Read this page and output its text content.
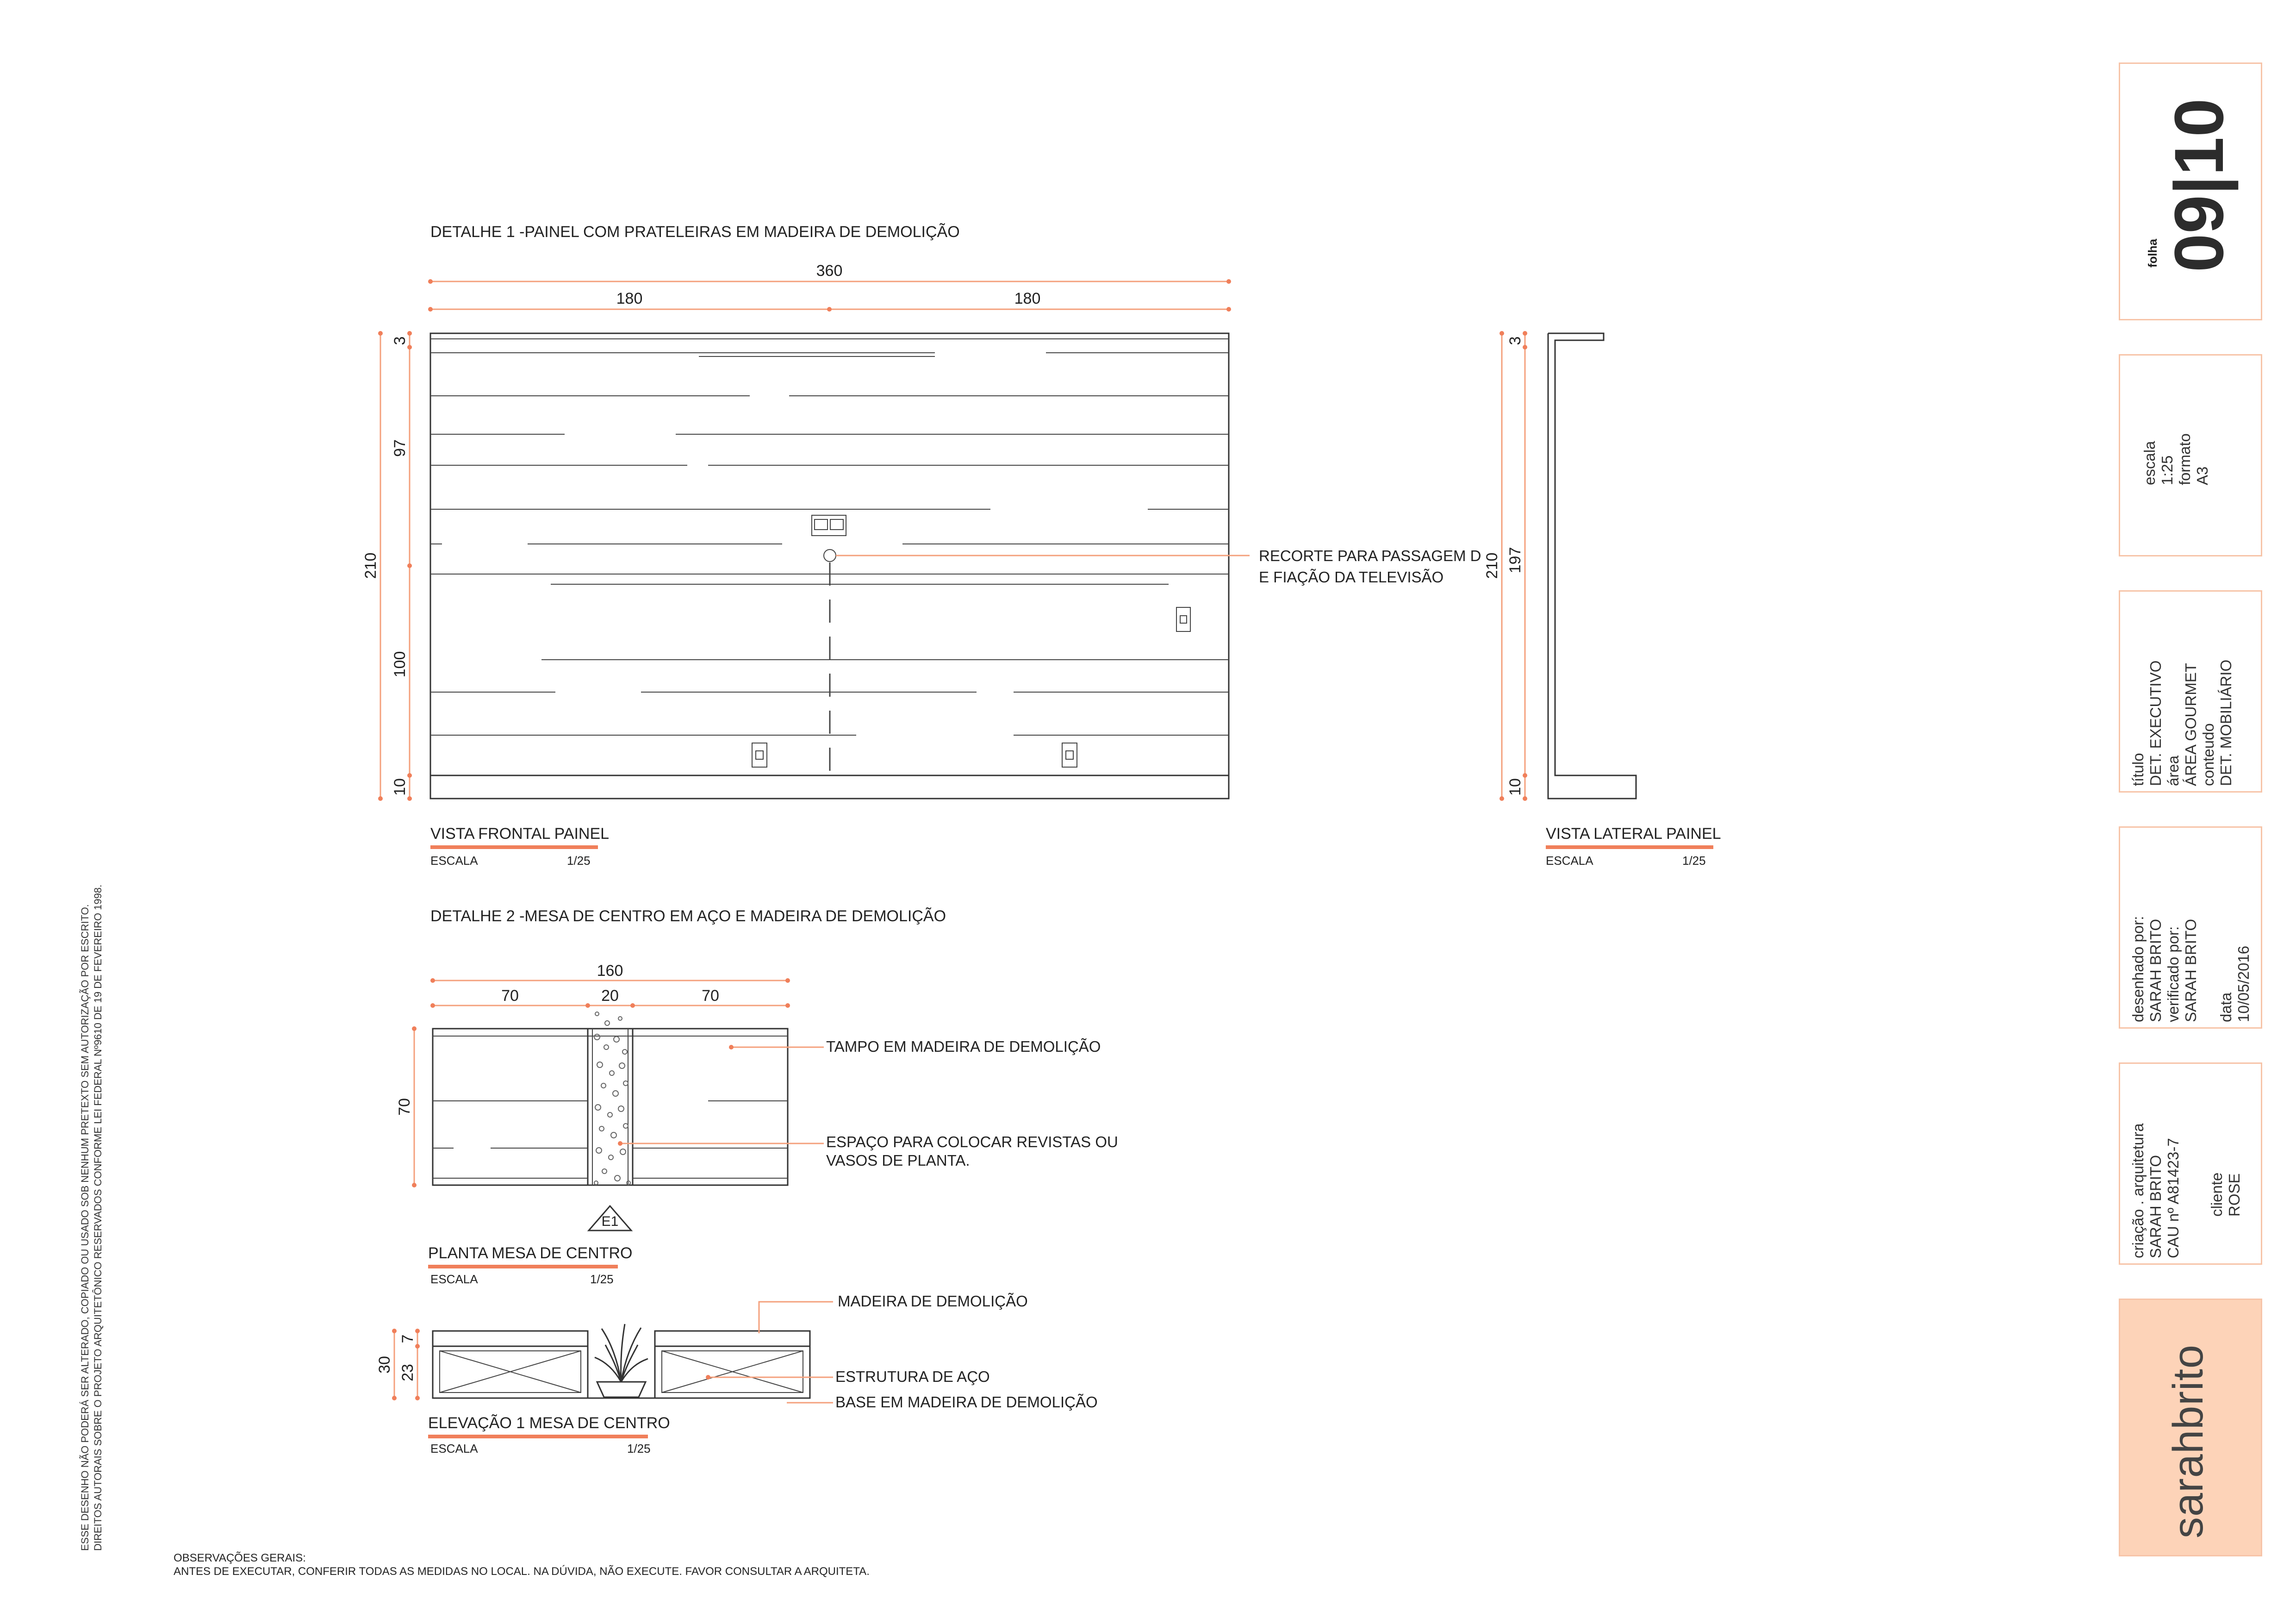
DETALHE 1 -PAINEL COM PRATELEIRAS EM MADEIRA DE DEMOLIÇÃO
360
180	180
210
3
97
100
10
RECORTE PARA PASSAGEM D
E FIAÇÃO DA TELEVISÃO
VISTA FRONTAL PAINEL
ESCALA	1/25
210
3
197
10
VISTA LATERAL PAINEL
ESCALA	1/25
DETALHE 2 -MESA DE CENTRO EM AÇO E MADEIRA DE DEMOLIÇÃO
160
70	20	70
70
TAMPO EM MADEIRA DE DEMOLIÇÃO
ESPAÇO PARA COLOCAR REVISTAS OU
VASOS DE PLANTA.
E1
PLANTA MESA DE CENTRO
ESCALA	1/25
30
7
23
MADEIRA DE DEMOLIÇÃO
ESTRUTURA DE AÇO
BASE EM MADEIRA DE DEMOLIÇÃO
ELEVAÇÃO 1 MESA DE CENTRO
ESCALA	1/25
OBSERVAÇÕES GERAIS:
ANTES DE EXECUTAR, CONFERIR TODAS AS MEDIDAS NO LOCAL. NA DÚVIDA, NÃO EXECUTE. FAVOR CONSULTAR A ARQUITETA.
ESSE DESENHO NÃO PODERÁ SER ALTERADO, COPIADO OU USADO SOB NENHUM PRETEXTO SEM AUTORIZAÇÃO POR ESCRITO. DIREITOS AUTORAIS SOBRE O PROJETO ARQUITETÔNICO RESERVADOS CONFORME LEI FEDERAL Nº9610 DE 19 DE FEVEREIRO 1998.
folha 09|10
escala 1:25 formato A3
título DET. EXECUTIVO área ÁREA GOURMET conteudo DET. MOBILIÁRIO
desenhado por: SARAH BRITO verificado por: SARAH BRITO data 10/05/2016
criação . arquitetura SARAH BRITO CAU nº A81423-7 cliente ROSE
sarahbrito
